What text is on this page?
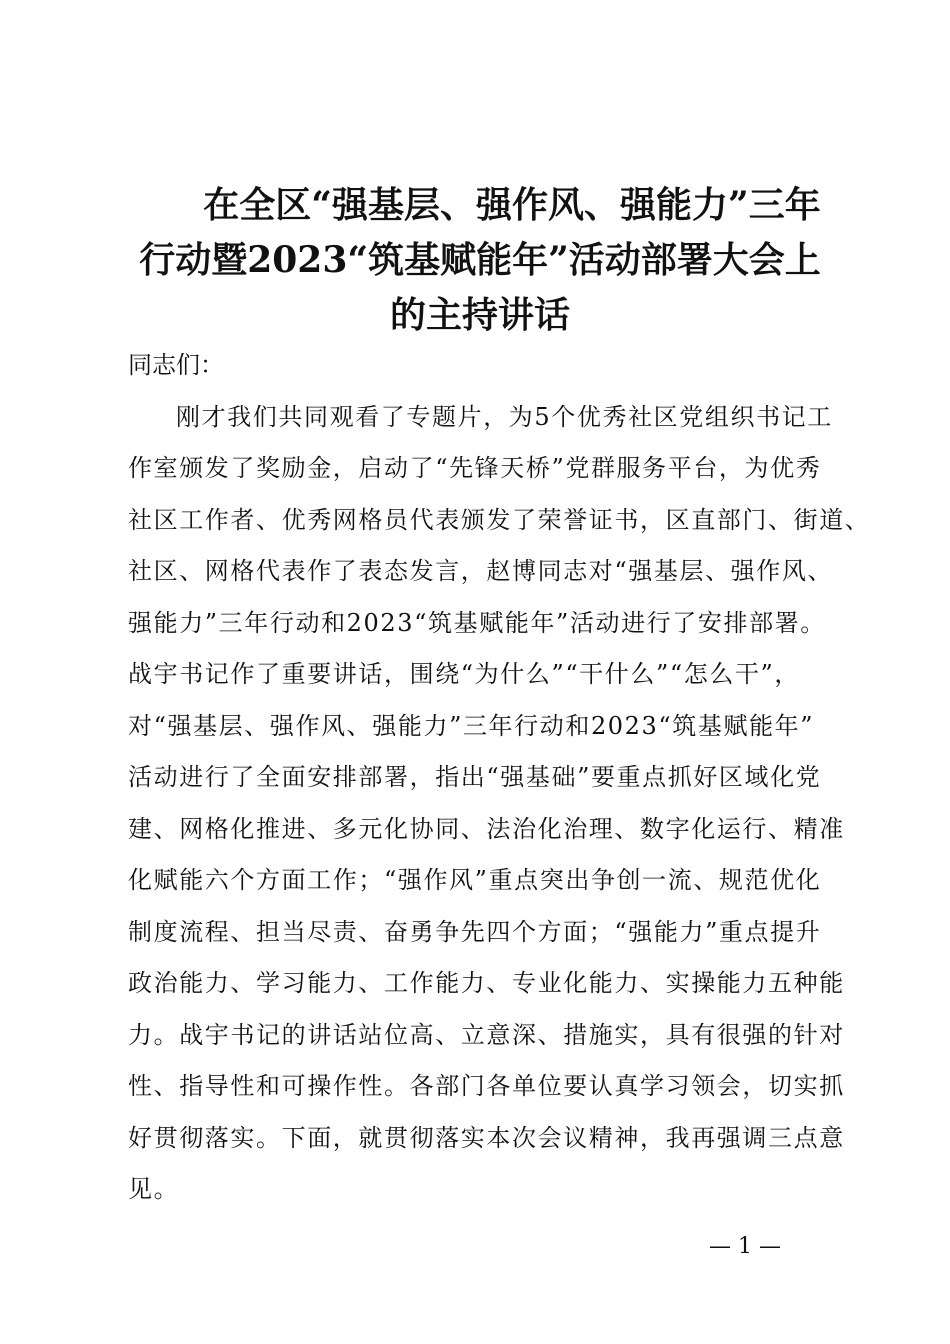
在全区“强基层、强作风、强能力”三年
行动暨2023“筑基赋能年”活动部署大会上
的主持讲话

同志们：

刚才我们共同观看了专题片，为5个优秀社区党组织书记工
作室颁发了奖励金，启动了“先锋天桥”党群服务平台，为优秀
社区工作者、优秀网格员代表颁发了荣誉证书，区直部门、街道、
社区、网格代表作了表态发言，赵博同志对“强基层、强作风、
强能力”三年行动和2023“筑基赋能年”活动进行了安排部署。
战宇书记作了重要讲话，围绕“为什么”“干什么”“怎么干”，
对“强基层、强作风、强能力”三年行动和2023“筑基赋能年”
活动进行了全面安排部署，指出“强基础”要重点抓好区域化党
建、网格化推进、多元化协同、法治化治理、数字化运行、精准
化赋能六个方面工作；“强作风”重点突出争创一流、规范优化
制度流程、担当尽责、奋勇争先四个方面；“强能力”重点提升
政治能力、学习能力、工作能力、专业化能力、实操能力五种能
力。战宇书记的讲话站位高、立意深、措施实，具有很强的针对
性、指导性和可操作性。各部门各单位要认真学习领会，切实抓
好贯彻落实。下面，就贯彻落实本次会议精神，我再强调三点意
见。

— 1 —
